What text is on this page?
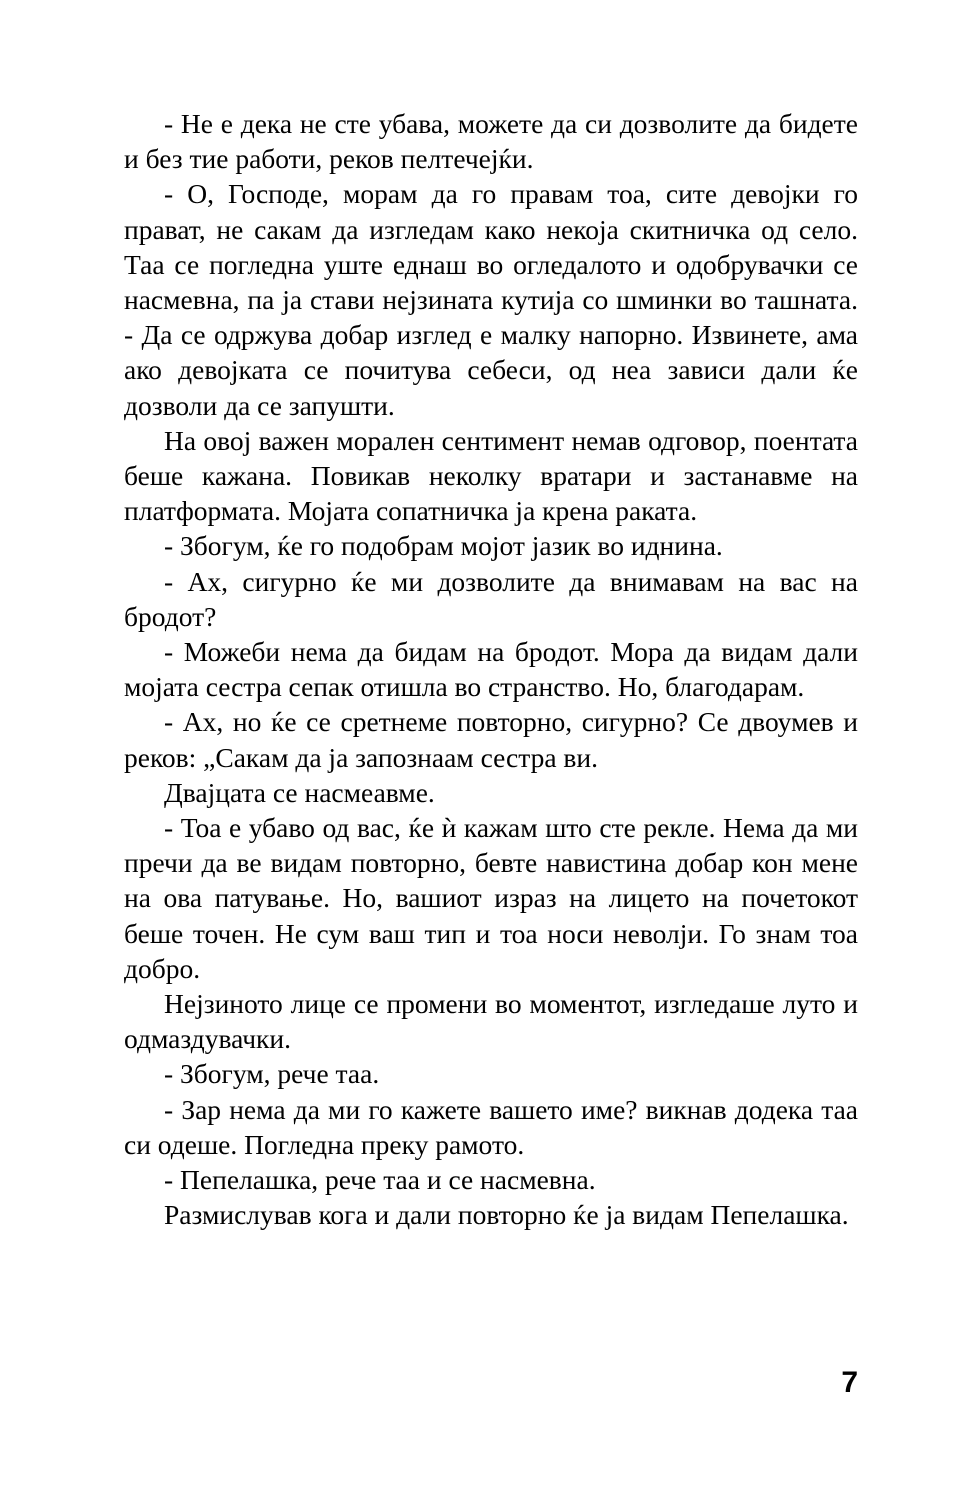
- Не е дека не сте убава, можете да си дозволите да бидете и без тие работи, реков пелтечејќи.

- О, Господе, морам да го правам тоа, сите девојки го прават, не сакам да изгледам како некоја скитничка од село. Таа се погледна уште еднаш во огледалото и одобрувачки се насмевна, па ја стави нејзината кутија со шминки во ташната. - Да се одржува добар изглед е малку напорно. Извинете, ама ако девојката се почитува себеси, од неа зависи дали ќе дозволи да се запушти.

На овој важен морален сентимент немав одговор, поентата беше кажана. Повикав неколку вратари и застанавме на платформата. Мојата сопатничка ја крена раката.

- Збогум, ќе го подобрам мојот јазик во иднина.

- Ах, сигурно ќе ми дозволите да внимавам на вас на бродот?

- Можеби нема да бидам на бродот. Мора да видам дали мојата сестра сепак отишла во странство. Но, благодарам.

- Ах, но ќе се сретнеме повторно, сигурно? Се двоумев и реков: „Сакам да ја запознаам сестра ви.

Двајцата се насмеавме.

- Тоа е убаво од вас, ќе ѝ кажам што сте рекле. Нема да ми пречи да ве видам повторно, бевте навистина добар кон мене на ова патување. Но, вашиот израз на лицето на почетокот беше точен. Не сум ваш тип и тоа носи неволји. Го знам тоа добро.

Нејзиното лице се промени во моментот, изгледаше луто и одмаздувачки.

- Збогум, рече таа.

- Зар нема да ми го кажете вашето име? викнав додека таа си одеше. Погледна преку рамото.

- Пепелашка, рече таа и се насмевна.

Размислував кога и дали повторно ќе ја видам Пепелашка.

7
